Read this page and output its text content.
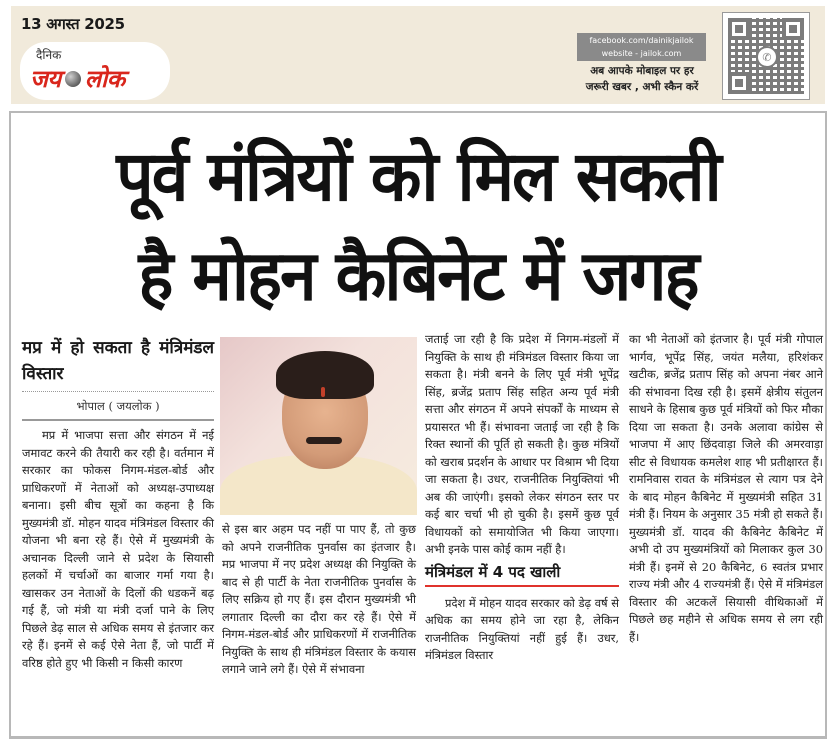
13 अगस्त 2025
दैनिक
जय लोक
facebook.com/dainikjailok
website - jailok.com
अब आपके मोबाइल पर हर
जरूरी खबर , अभी स्कैन करें
✆
पूर्व मंत्रियों को मिल सकती
है मोहन कैबिनेट में जगह
मप्र में हो सकता है मंत्रिमंडल विस्तार
भोपाल ( जयलोक )

मप्र में भाजपा सत्ता और संगठन में नई जमावट करने की तैयारी कर रही है। वर्तमान में सरकार का फोकस निगम-मंडल-बोर्ड और प्राधिकरणों में नेताओं को अध्यक्ष-उपाध्यक्ष बनाना। इसी बीच सूत्रों का कहना है कि मुख्यमंत्री डॉ. मोहन यादव मंत्रिमंडल विस्तार की योजना भी बना रहे हैं। ऐसे में मुख्यमंत्री के अचानक दिल्ली जाने से प्रदेश के सियासी हलकों में चर्चाओं का बाजार गर्मा गया है। खासकर उन नेताओं के दिलों की धडकनें बढ़ गई हैं, जो मंत्री या मंत्री दर्जा पाने के लिए पिछले डेढ़ साल से अधिक समय से इंतजार कर रहे हैं। इनमें से कई ऐसे नेता हैं, जो पार्टी में वरिष्ठ होते हुए भी किसी न किसी कारण

से इस बार अहम पद नहीं पा पाए हैं, तो कुछ को अपने राजनीतिक पुनर्वास का इंतजार है। मप्र भाजपा में नए प्रदेश अध्यक्ष की नियुक्ति के बाद से ही पार्टी के नेता राजनीतिक पुनर्वास के लिए सक्रिय हो गए हैं। इस दौरान मुख्यमंत्री भी लगातार दिल्ली का दौरा कर रहे हैं। ऐसे में निगम-मंडल-बोर्ड और प्राधिकरणों में राजनीतिक नियुक्ति के साथ ही मंत्रिमंडल विस्तार के कयास लगाने जाने लगे हैं। ऐसे में संभावना

जताई जा रही है कि प्रदेश में निगम-मंडलों में नियुक्ति के साथ ही मंत्रिमंडल विस्तार किया जा सकता है। मंत्री बनने के लिए पूर्व मंत्री भूपेंद्र सिंह, ब्रजेंद्र प्रताप सिंह सहित अन्य पूर्व मंत्री सत्ता और संगठन में अपने संपर्कों के माध्यम से प्रयासरत भी हैं। संभावना जताई जा रही है कि रिक्त स्थानों की पूर्ति हो सकती है। कुछ मंत्रियों को खराब प्रदर्शन के आधार पर विश्राम भी दिया जा सकता है। उधर, राजनीतिक नियुक्तियां भी अब की जाएंगी। इसको लेकर संगठन स्तर पर कई बार चर्चा भी हो चुकी है। इसमें कुछ पूर्व विधायकों को समायोजित भी किया जाएगा। अभी इनके पास कोई काम नहीं है।

मंत्रिमंडल में 4 पद खाली

प्रदेश में मोहन यादव सरकार को डेढ़ वर्ष से अधिक का समय होने जा रहा है, लेकिन राजनीतिक नियुक्तियां नहीं हुई हैं। उधर, मंत्रिमंडल विस्तार

का भी नेताओं को इंतजार है। पूर्व मंत्री गोपाल भार्गव, भूपेंद्र सिंह, जयंत मलैया, हरिशंकर खटीक, ब्रजेंद्र प्रताप सिंह को अपना नंबर आने की संभावना दिख रही है। इसमें क्षेत्रीय संतुलन साधने के हिसाब कुछ पूर्व मंत्रियों को फिर मौका दिया जा सकता है। उनके अलावा कांग्रेस से भाजपा में आए छिंदवाड़ा जिले की अमरवाड़ा सीट से विधायक कमलेश शाह भी प्रतीक्षारत हैं। रामनिवास रावत के मंत्रिमंडल से त्याग पत्र देने के बाद मोहन कैबिनेट में मुख्यमंत्री सहित 31 मंत्री हैं। नियम के अनुसार 35 मंत्री हो सकते हैं। मुख्यमंत्री डॉ. यादव की कैबिनेट कैबिनेट में अभी दो उप मुख्यमंत्रियों को मिलाकर कुल 30 मंत्री हैं। इनमें से 20 कैबिनेट, 6 स्वतंत्र प्रभार राज्य मंत्री और 4 राज्यमंत्री हैं। ऐसे में मंत्रिमंडल विस्तार की अटकलें सियासी वीथिकाओं में पिछले छह महीने से अधिक समय से लग रही हैं।
